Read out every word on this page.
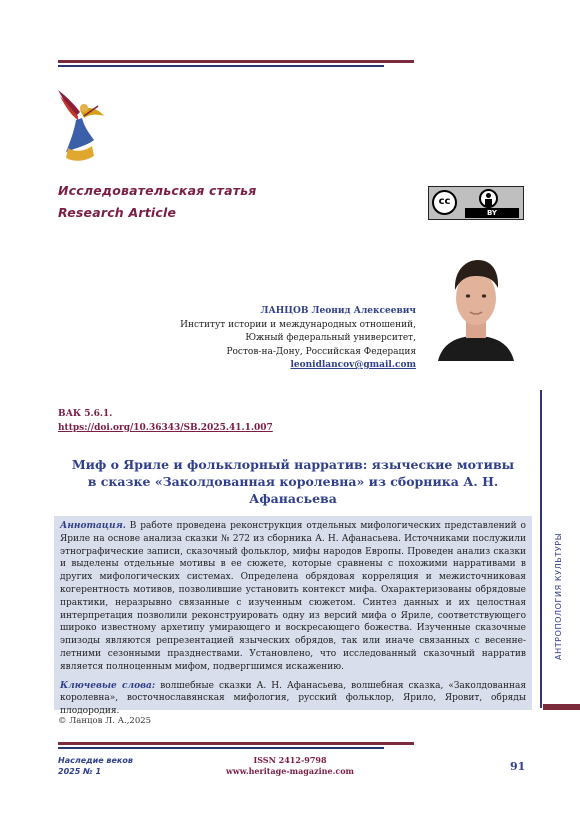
Исследовательская статья
Research Article
cc
BY
ЛАНЦОВ Леонид Алексеевич
Институт истории и международных отношений,
Южный федеральный университет,
Ростов-на-Дону, Российская Федерация
leonidlancov@gmail.com
АНТРОПОЛОГИЯ КУЛЬТУРЫ
ВАК 5.6.1.
https://doi.org/10.36343/SB.2025.41.1.007
Миф о Яриле и фольклорный нарратив: языческие мотивы
в сказке «Заколдованная королевна» из сборника А. Н. Афанасьева

Аннотация. В работе проведена реконструкция отдельных мифологических представлений о Яриле на основе анализа сказки № 272 из сборника А. Н. Афанасьева. Источниками послужили этнографические записи, сказочный фольклор, мифы народов Европы. Проведен анализ сказки и выделены отдельные мотивы в ее сюжете, которые сравнены с похожими нарративами в других мифологических системах. Определена обрядовая корреляция и межисточниковая когерентность мотивов, позволившие установить контекст мифа. Охарактеризованы обрядовые практики, неразрывно связанные с изученным сюжетом. Синтез данных и их целостная интерпретация позволили реконструировать одну из версий мифа о Яриле, соответствующего широко известному архетипу умирающего и воскресающего божества. Изученные сказочные эпизоды являются репрезентацией языческих обрядов, так или иначе связанных с весенне-летними сезонными празднествами. Установлено, что исследованный сказочный нарратив является полноценным мифом, подвергшимся искажению.

Ключевые слова: волшебные сказки А. Н. Афанасьева, волшебная сказка, «Заколдованная королевна», восточнославянская мифология, русский фольклор, Ярило, Яровит, обряды плодородия.

© Ланцов Л. А.,2025
Наследие веков
2025 № 1
ISSN 2412-9798
www.heritage-magazine.com	91
